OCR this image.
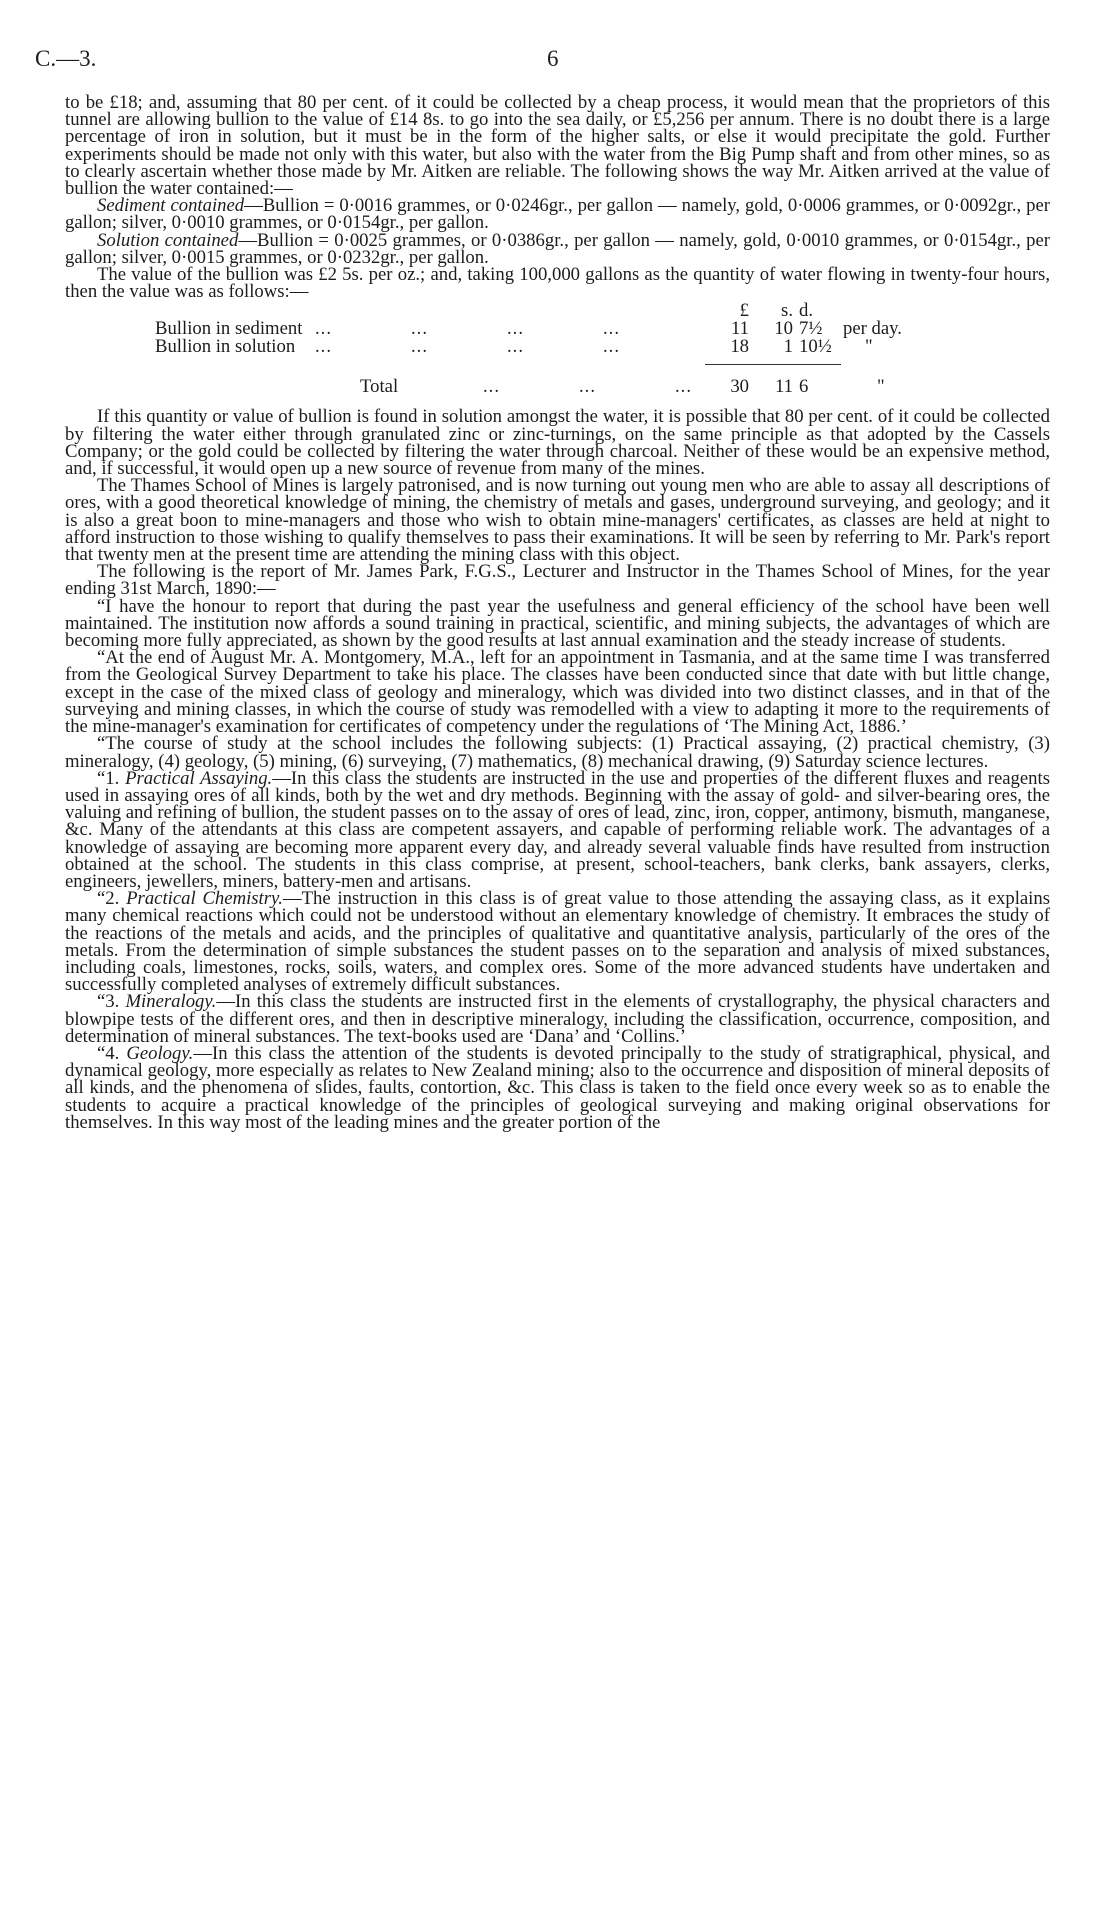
C.—3.	6

to be £18; and, assuming that 80 per cent. of it could be collected by a cheap process, it would mean that the proprietors of this tunnel are allowing bullion to the value of £14 8s. to go into the sea daily, or £5,256 per annum. There is no doubt there is a large percentage of iron in solution, but it must be in the form of the higher salts, or else it would precipitate the gold. Further experiments should be made not only with this water, but also with the water from the Big Pump shaft and from other mines, so as to clearly ascertain whether those made by Mr. Aitken are reliable. The following shows the way Mr. Aitken arrived at the value of bullion the water contained:—

Sediment contained—Bullion = 0·0016 grammes, or 0·0246gr., per gallon — namely, gold, 0·0006 grammes, or 0·0092gr., per gallon; silver, 0·0010 grammes, or 0·0154gr., per gallon.

Solution contained—Bullion = 0·0025 grammes, or 0·0386gr., per gallon — namely, gold, 0·0010 grammes, or 0·0154gr., per gallon; silver, 0·0015 grammes, or 0·0232gr., per gallon.

The value of the bullion was £2 5s. per oz.; and, taking 100,000 gallons as the quantity of water flowing in twenty-four hours, then the value was as follows:—

£	s. d.
Bullion in sediment ...	...	...	...	11	10 7½	per day.
Bullion in solution ...	...	...	...	18	1 10½ "
Total	...	...	...	30	11 6	"

If this quantity or value of bullion is found in solution amongst the water, it is possible that 80 per cent. of it could be collected by filtering the water either through granulated zinc or zinc-turnings, on the same principle as that adopted by the Cassels Company; or the gold could be collected by filtering the water through charcoal. Neither of these would be an expensive method, and, if successful, it would open up a new source of revenue from many of the mines.

The Thames School of Mines is largely patronised, and is now turning out young men who are able to assay all descriptions of ores, with a good theoretical knowledge of mining, the chemistry of metals and gases, underground surveying, and geology; and it is also a great boon to mine-managers and those who wish to obtain mine-managers' certificates, as classes are held at night to afford instruction to those wishing to qualify themselves to pass their examinations. It will be seen by referring to Mr. Park's report that twenty men at the present time are attending the mining class with this object.

The following is the report of Mr. James Park, F.G.S., Lecturer and Instructor in the Thames School of Mines, for the year ending 31st March, 1890:—

“I have the honour to report that during the past year the usefulness and general efficiency of the school have been well maintained. The institution now affords a sound training in practical, scientific, and mining subjects, the advantages of which are becoming more fully appreciated, as shown by the good results at last annual examination and the steady increase of students.

“At the end of August Mr. A. Montgomery, M.A., left for an appointment in Tasmania, and at the same time I was transferred from the Geological Survey Department to take his place. The classes have been conducted since that date with but little change, except in the case of the mixed class of geology and mineralogy, which was divided into two distinct classes, and in that of the surveying and mining classes, in which the course of study was remodelled with a view to adapting it more to the requirements of the mine-manager's examination for certificates of competency under the regulations of ‘The Mining Act, 1886.’

“The course of study at the school includes the following subjects: (1) Practical assaying, (2) practical chemistry, (3) mineralogy, (4) geology, (5) mining, (6) surveying, (7) mathematics, (8) mechanical drawing, (9) Saturday science lectures.

“1. Practical Assaying.—In this class the students are instructed in the use and properties of the different fluxes and reagents used in assaying ores of all kinds, both by the wet and dry methods. Beginning with the assay of gold- and silver-bearing ores, the valuing and refining of bullion, the student passes on to the assay of ores of lead, zinc, iron, copper, antimony, bismuth, manganese, &c. Many of the attendants at this class are competent assayers, and capable of performing reliable work. The advantages of a knowledge of assaying are becoming more apparent every day, and already several valuable finds have resulted from instruction obtained at the school. The students in this class comprise, at present, school-teachers, bank clerks, bank assayers, clerks, engineers, jewellers, miners, battery-men and artisans.

“2. Practical Chemistry.—The instruction in this class is of great value to those attending the assaying class, as it explains many chemical reactions which could not be understood without an elementary knowledge of chemistry. It embraces the study of the reactions of the metals and acids, and the principles of qualitative and quantitative analysis, particularly of the ores of the metals. From the determination of simple substances the student passes on to the separation and analysis of mixed substances, including coals, limestones, rocks, soils, waters, and complex ores. Some of the more advanced students have undertaken and successfully completed analyses of extremely difficult substances.

“3. Mineralogy.—In this class the students are instructed first in the elements of crystallography, the physical characters and blowpipe tests of the different ores, and then in descriptive mineralogy, including the classification, occurrence, composition, and determination of mineral substances. The text-books used are ‘Dana’ and ‘Collins.’

“4. Geology.—In this class the attention of the students is devoted principally to the study of stratigraphical, physical, and dynamical geology, more especially as relates to New Zealand mining; also to the occurrence and disposition of mineral deposits of all kinds, and the phenomena of slides, faults, contortion, &c. This class is taken to the field once every week so as to enable the students to acquire a practical knowledge of the principles of geological surveying and making original observations for themselves. In this way most of the leading mines and the greater portion of the
